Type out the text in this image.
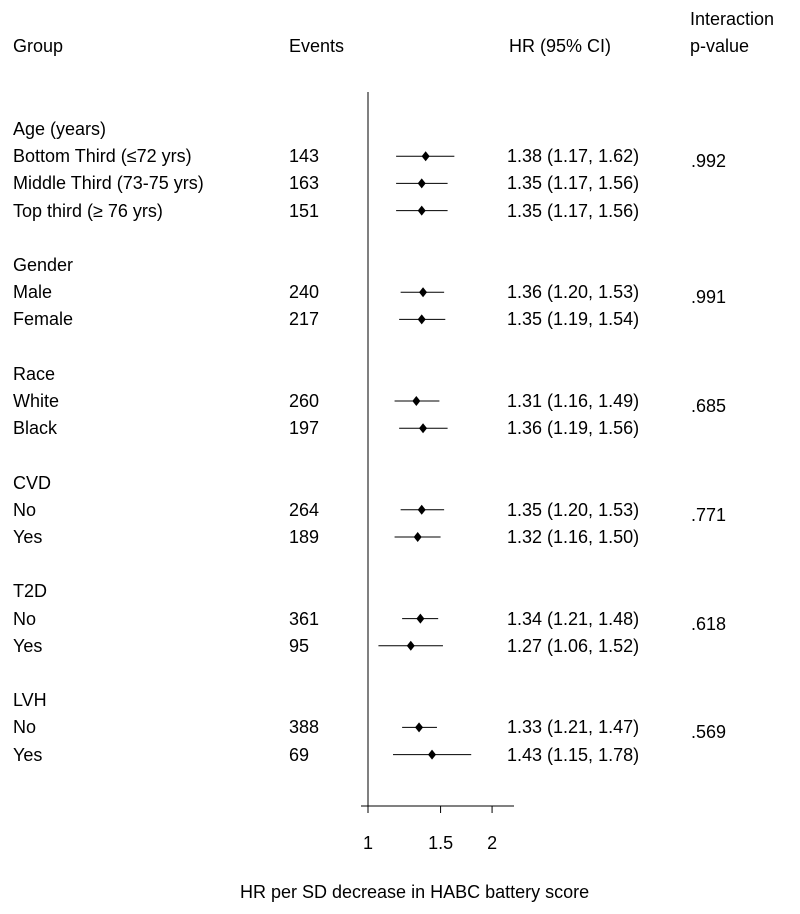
Group	Events	HR (95% CI)
Interaction
p-value
Age (years)
Bottom Third (≤72 yrs)	143	1.38 (1.17, 1.62)	.992
Middle Third (73-75 yrs)	163	1.35 (1.17, 1.56)
Top third (≥ 76 yrs)	151	1.35 (1.17, 1.56)
Gender
Male	240	1.36 (1.20, 1.53)	.991
Female	217	1.35 (1.19, 1.54)
Race
White	260	1.31 (1.16, 1.49)	.685
Black	197	1.36 (1.19, 1.56)
CVD
No	264	1.35 (1.20, 1.53)	.771
Yes	189	1.32 (1.16, 1.50)
T2D
No	361	1.34 (1.21, 1.48)	.618
Yes	95	1.27 (1.06, 1.52)
LVH
No	388	1.33 (1.21, 1.47)	.569
Yes	69	1.43 (1.15, 1.78)
1	1.5 2
HR per SD decrease in HABC battery score
